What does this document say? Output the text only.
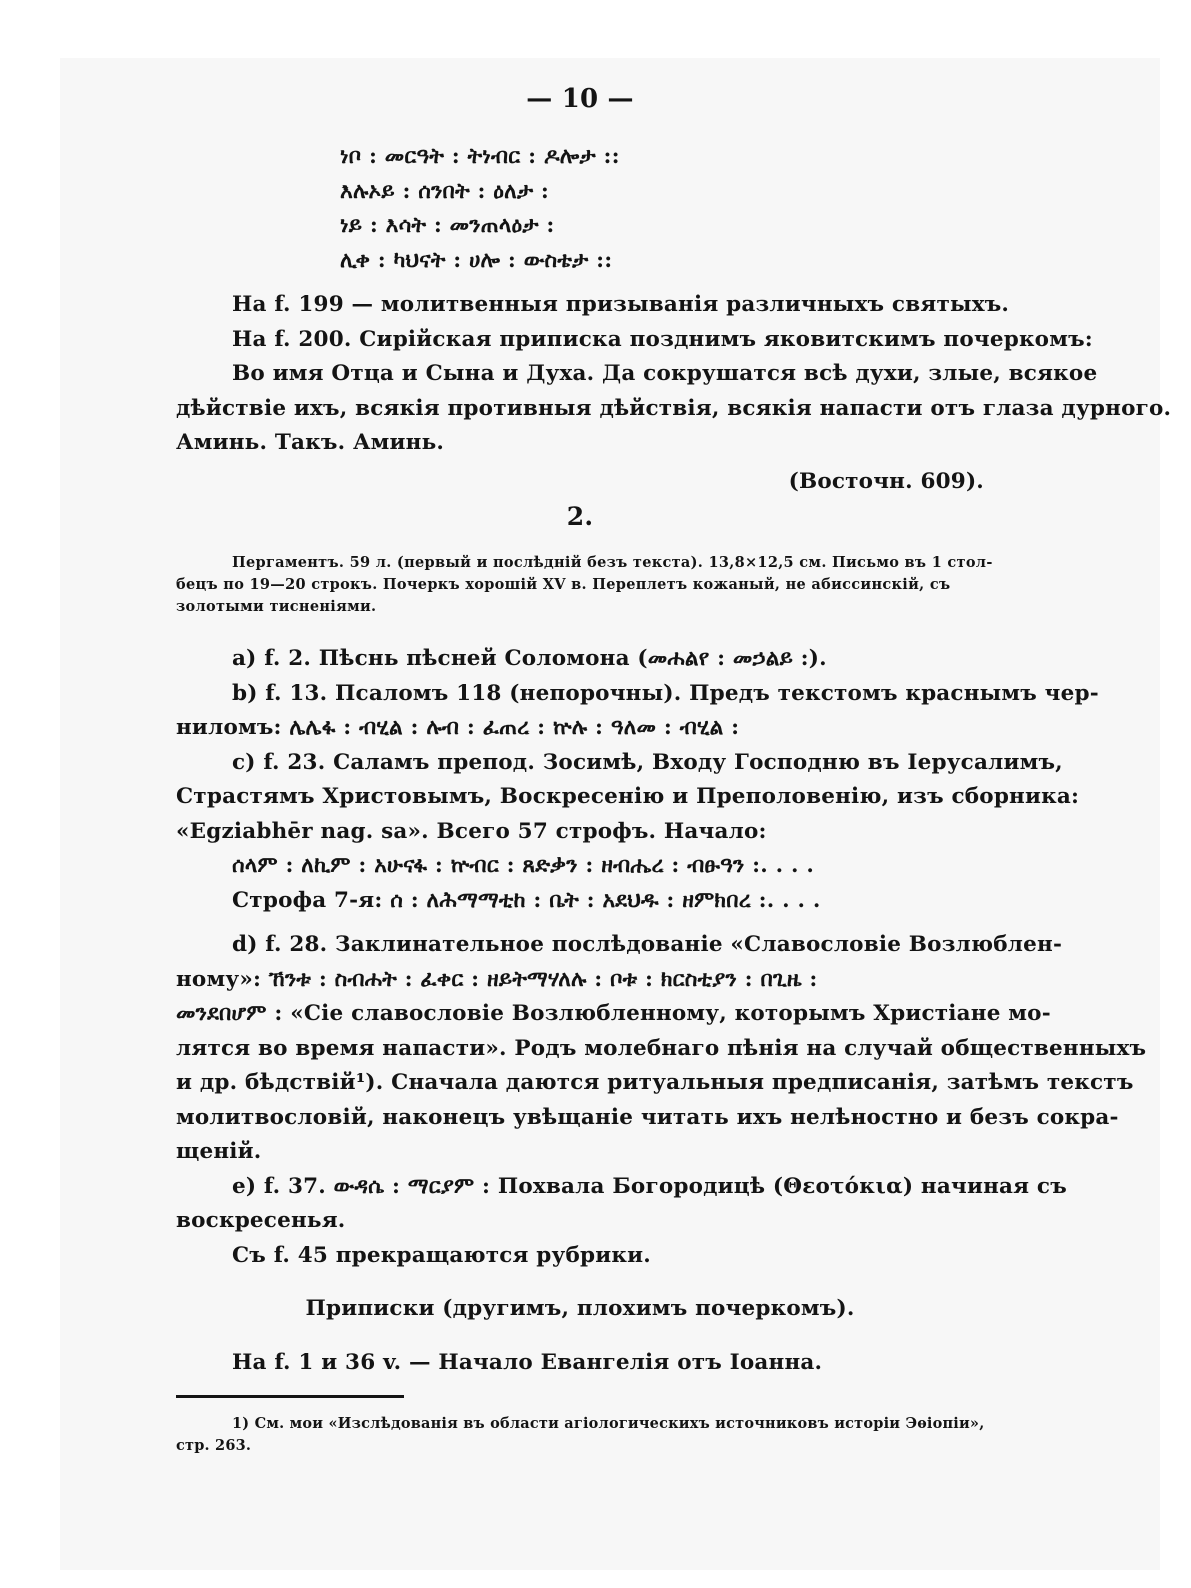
— 10 —
ነቦ : መርዓት : ትነብር : ዶሎታ ::
እሉኦይ : ሰንበት : ዕለታ :
ነይ : እሳት : መንጠላዕታ :
ሊቀ : ካህናት : ሀሎ : ውስቴታ ::
На f. 199 — молитвенныя призыванія различныхъ святыхъ.
На f. 200. Сирійская приписка позднимъ яковитскимъ почеркомъ:
Во имя Отца и Сына и Духа. Да сокрушатся всѣ духи, злые, всякое
дѣйствіе ихъ, всякія противныя дѣйствія, всякія напасти отъ глаза дурного.
Аминь. Такъ. Аминь.
(Восточн. 609).
2.
Пергаментъ. 59 л. (первый и послѣдній безъ текста). 13,8×12,5 см. Письмо въ 1 стол-
бецъ по 19—20 строкъ. Почеркъ хорошій XV в. Переплетъ кожаный, не абиссинскій, съ
золотыми тисненіями.
a) f. 2. Пѣснь пѣсней Соломона (መሐልየ : መኃልይ :).
b) f. 13. Псаломъ 118 (непорочны). Предъ текстомъ краснымъ чер-
ниломъ: ሌሌፋ : ብሂል : ሉብ : ፈጠረ : ኵሉ : ዓለመ : ብሂል :
c) f. 23. Саламъ препод. Зосимѣ, Входу Господню въ Іерусалимъ,
Страстямъ Христовымъ, Воскресенію и Преполовенію, изъ сборника:
«Egziabhēr nag. sa». Всего 57 строфъ. Начало:
ሰላም : ለኪም : አሁናፋ : ኵብር : ጸድቃን : ዘብሔረ : ብፁዓን :. . . .
Строфа 7-я: ሰ : ለሕማማቲከ : ቤት : አደህዱ : ዘምክበረ :. . . .
d) f. 28. Заклинательное послѣдованіе «Славословіе Возлюблен-
ному»: ኸንቱ : ስብሐት : ፈቀር : ዘይትማሃለሉ : ቦቱ : ክርስቲያን : በጊዜ :
መንደበሆም : «Сіе славословіе Возлюбленному, которымъ Христіане мо-
лятся во время напасти». Родъ молебнаго пѣнія на случай общественныхъ
и др. бѣдствій¹). Сначала даются ритуальныя предписанія, затѣмъ текстъ
молитвословій, наконецъ увѣщаніе читать ихъ нелѣностно и безъ сокра-
щеній.
e) f. 37. ውዳሴ : ማርያም : Похвала Богородицѣ (Θεοτόκια) начиная съ
воскресенья.
Съ f. 45 прекращаются рубрики.
Приписки (другимъ, плохимъ почеркомъ).
На f. 1 и 36 v. — Начало Евангелія отъ Іоанна.
1) См. мои «Изслѣдованія въ области агіологическихъ источниковъ исторіи Эѳіопіи»,
стр. 263.
